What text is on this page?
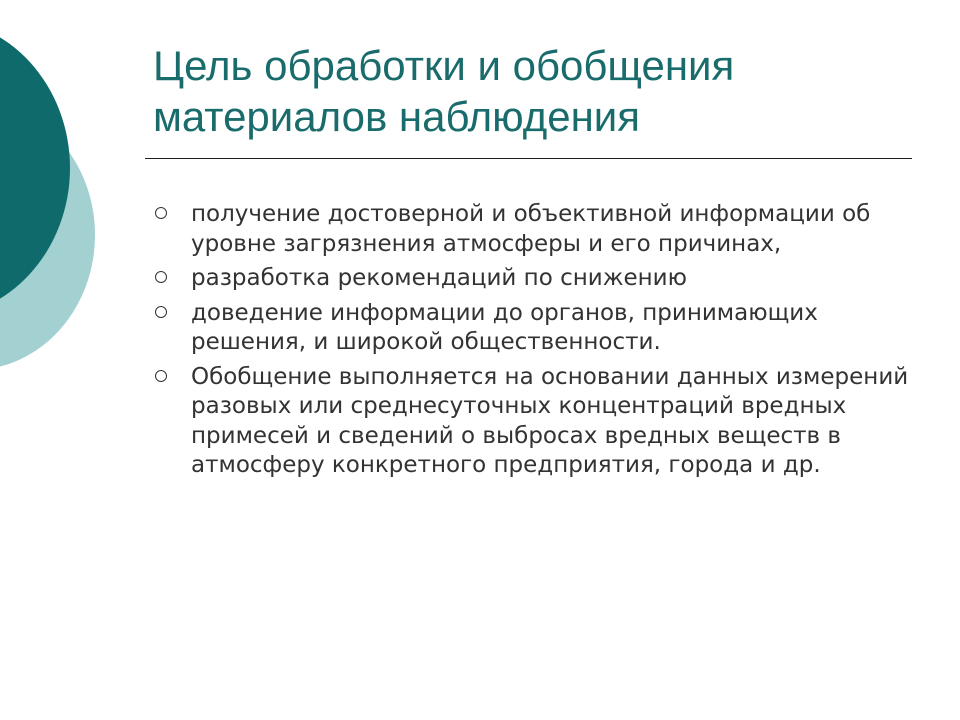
Цель обработки и обобщения материалов наблюдения
получение достоверной и объективной информации об уровне загрязнения атмосферы и его причинах,
разработка рекомендаций по снижению
доведение информации до органов, принимающих решения, и широкой общественности.
Обобщение выполняется на основании данных измерений разовых или среднесуточных концентраций вредных примесей и сведений о выбросах вредных веществ в атмосферу конкретного предприятия, города и др.
